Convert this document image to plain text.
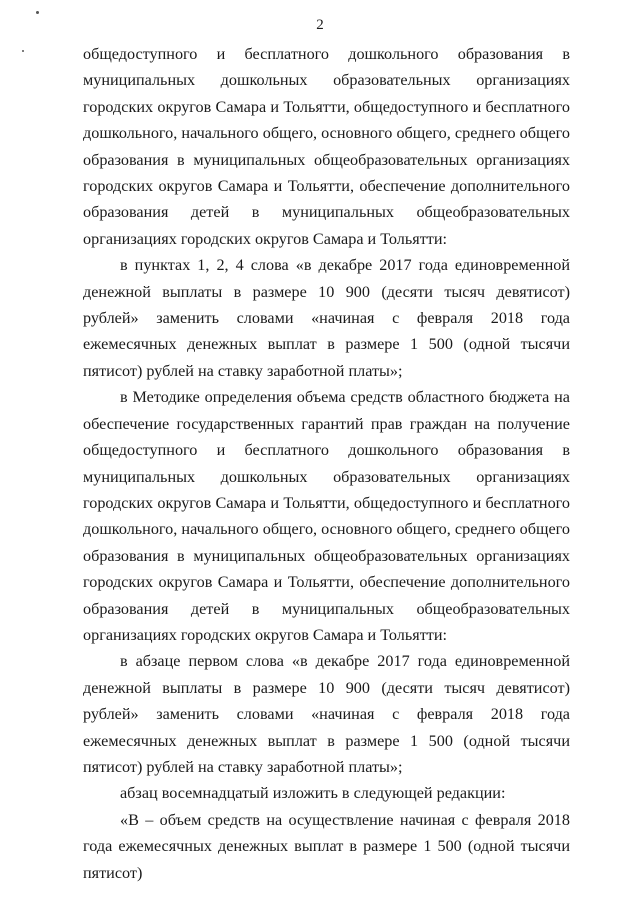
2

общедоступного и бесплатного дошкольного образования в муниципальных дошкольных образовательных организациях городских округов Самара и Тольятти, общедоступного и бесплатного дошкольного, начального общего, основного общего, среднего общего образования в муниципальных общеобразовательных организациях городских округов Самара и Тольятти, обеспечение дополнительного образования детей в муниципальных общеобразовательных организациях городских округов Самара и Тольятти:

в пунктах 1, 2, 4 слова «в декабре 2017 года единовременной денежной выплаты в размере 10 900 (десяти тысяч девятисот) рублей» заменить словами «начиная с февраля 2018 года ежемесячных денежных выплат в размере 1 500 (одной тысячи пятисот) рублей на ставку заработной платы»;

в Методике определения объема средств областного бюджета на обеспечение государственных гарантий прав граждан на получение общедоступного и бесплатного дошкольного образования в муниципальных дошкольных образовательных организациях городских округов Самара и Тольятти, общедоступного и бесплатного дошкольного, начального общего, основного общего, среднего общего образования в муниципальных общеобразовательных организациях городских округов Самара и Тольятти, обеспечение дополнительного образования детей в муниципальных общеобразовательных организациях городских округов Самара и Тольятти:

в абзаце первом слова «в декабре 2017 года единовременной денежной выплаты в размере 10 900 (десяти тысяч девятисот) рублей» заменить словами «начиная с февраля 2018 года ежемесячных денежных выплат в размере 1 500 (одной тысячи пятисот) рублей на ставку заработной платы»;

абзац восемнадцатый изложить в следующей редакции:

«В – объем средств на осуществление начиная с февраля 2018 года ежемесячных денежных выплат в размере 1 500 (одной тысячи пятисот)
